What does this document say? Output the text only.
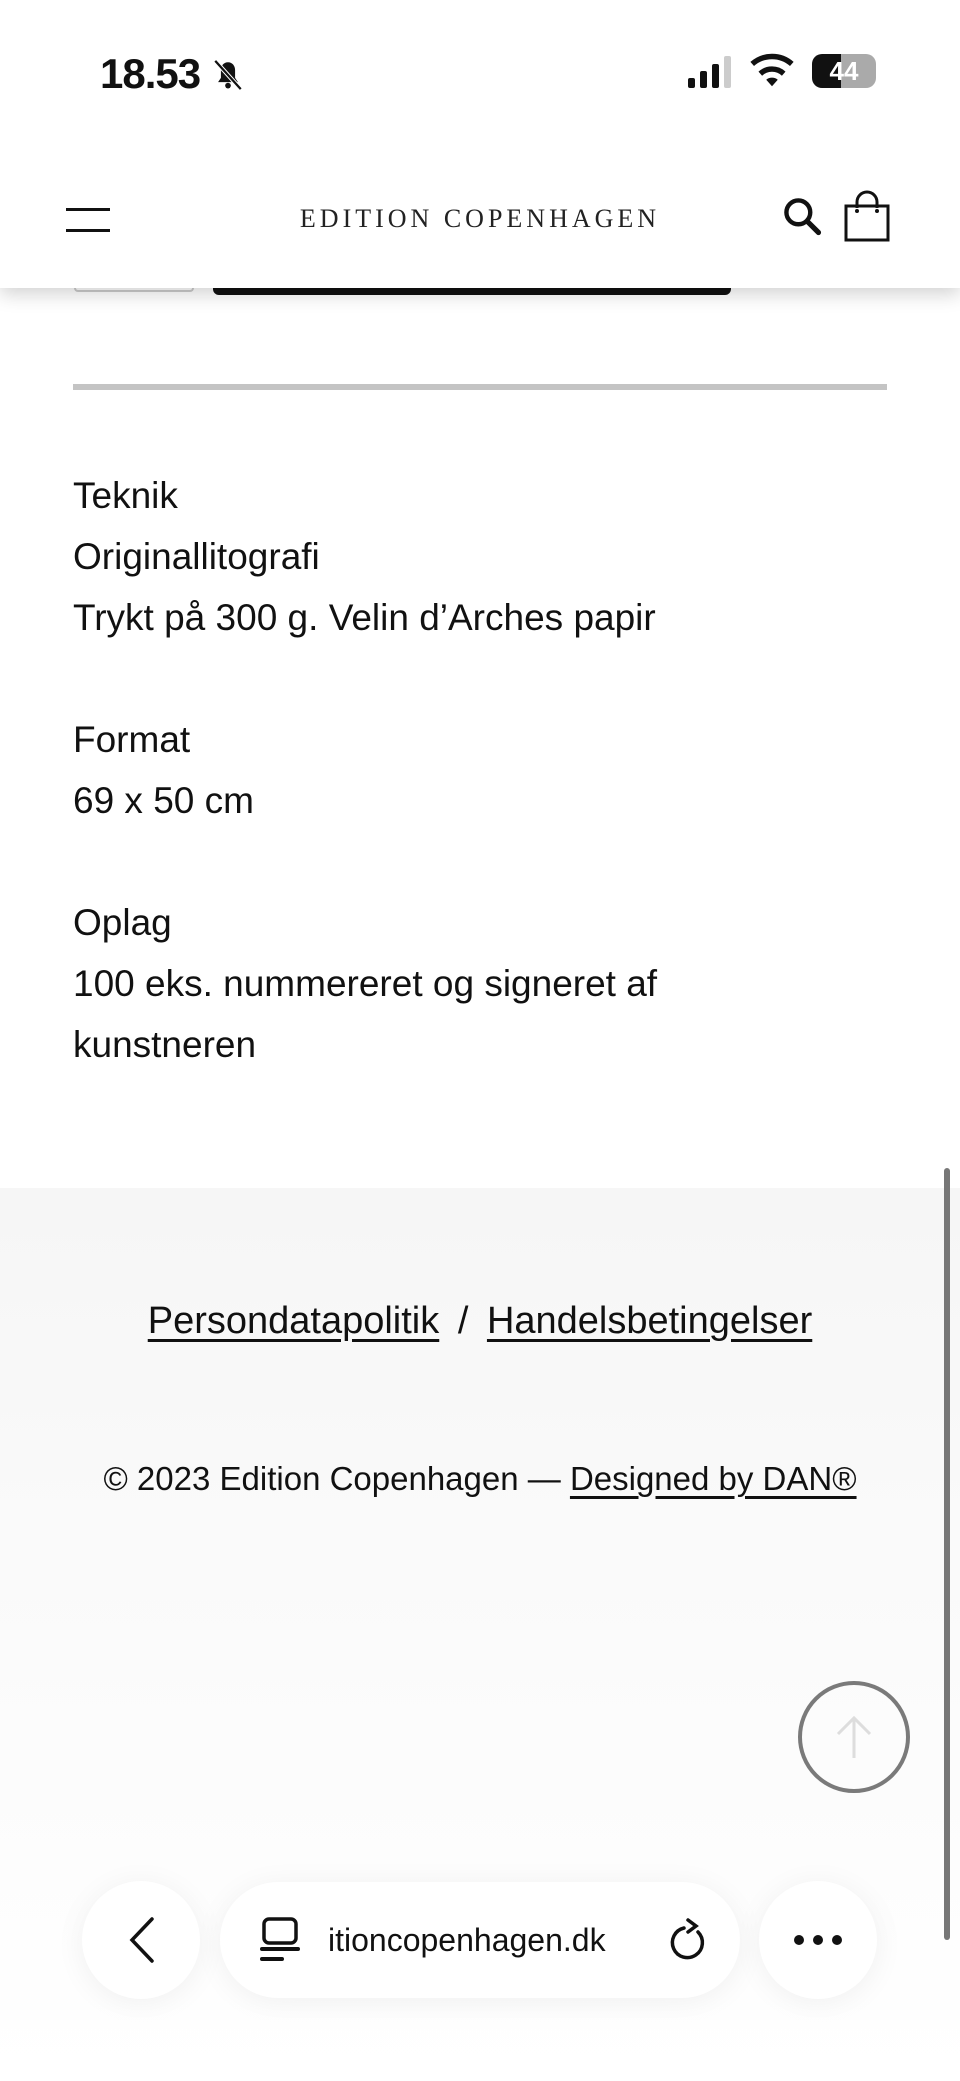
EDITION COPENHAGEN
18.53	44
Teknik
Originallitografi
Trykt på 300 g. Velin d’Arches papir
Format
69 x 50 cm
Oplag
100 eks. nummereret og signeret af
kunstneren
Persondatapolitik / Handelsbetingelser
© 2023 Edition Copenhagen — Designed by DAN®
itioncopenhagen.dk
